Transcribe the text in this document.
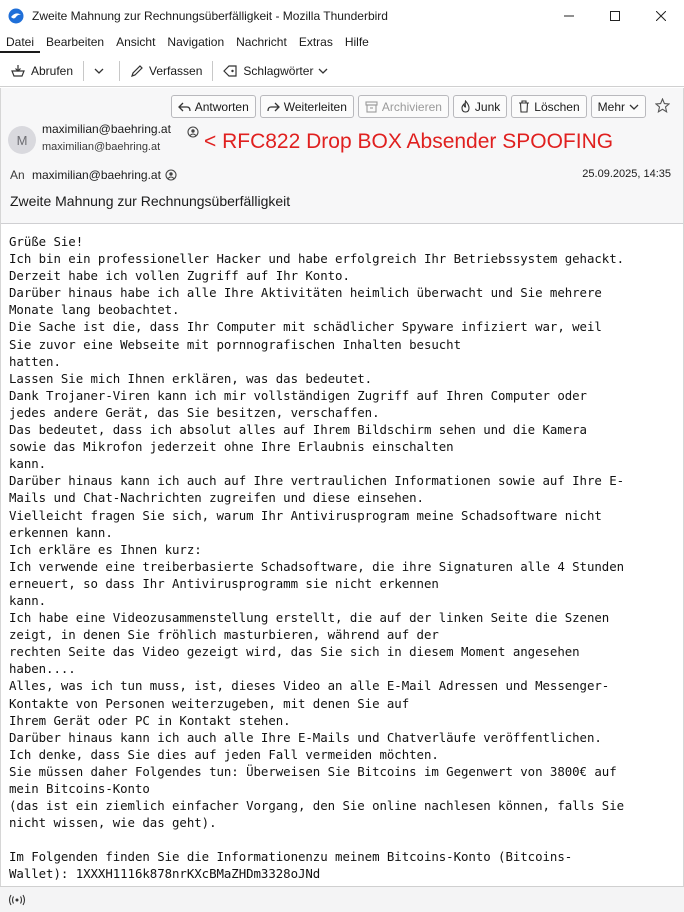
Zweite Mahnung zur Rechnungsüberfälligkeit - Mozilla Thunderbird
Datei	Bearbeiten	Ansicht	Navigation	Nachricht	Extras	Hilfe
Abrufen	Verfassen	Schlagwörter
Antworten	Weiterleiten	Archivieren	Junk	Löschen Mehr
M
maximilian@baehring.at
maximilian@baehring.at
An maximilian@baehring.at	25.09.2025, 14:35
Zweite Mahnung zur Rechnungsüberfälligkeit
< RFC822 Drop BOX Absender SPOOFING
Grüße Sie!
Ich bin ein professioneller Hacker und habe erfolgreich Ihr Betriebssystem gehackt.
Derzeit habe ich vollen Zugriff auf Ihr Konto.
Darüber hinaus habe ich alle Ihre Aktivitäten heimlich überwacht und Sie mehrere
Monate lang beobachtet.
Die Sache ist die, dass Ihr Computer mit schädlicher Spyware infiziert war, weil
Sie zuvor eine Webseite mit pornnografischen Inhalten besucht
hatten.
Lassen Sie mich Ihnen erklären, was das bedeutet.
Dank Trojaner-Viren kann ich mir vollständigen Zugriff auf Ihren Computer oder
jedes andere Gerät, das Sie besitzen, verschaffen.
Das bedeutet, dass ich absolut alles auf Ihrem Bildschirm sehen und die Kamera
sowie das Mikrofon jederzeit ohne Ihre Erlaubnis einschalten
kann.
Darüber hinaus kann ich auch auf Ihre vertraulichen Informationen sowie auf Ihre E-
Mails und Chat-Nachrichten zugreifen und diese einsehen.
Vielleicht fragen Sie sich, warum Ihr Antivirusprogram meine Schadsoftware nicht
erkennen kann.
Ich erkläre es Ihnen kurz:
Ich verwende eine treiberbasierte Schadsoftware, die ihre Signaturen alle 4 Stunden
erneuert, so dass Ihr Antivirusprogramm sie nicht erkennen
kann.
Ich habe eine Videozusammenstellung erstellt, die auf der linken Seite die Szenen
zeigt, in denen Sie fröhlich masturbieren, während auf der
rechten Seite das Video gezeigt wird, das Sie sich in diesem Moment angesehen
haben....
Alles, was ich tun muss, ist, dieses Video an alle E-Mail Adressen und Messenger-
Kontakte von Personen weiterzugeben, mit denen Sie auf
Ihrem Gerät oder PC in Kontakt stehen.
Darüber hinaus kann ich auch alle Ihre E-Mails und Chatverläufe veröffentlichen.
Ich denke, dass Sie dies auf jeden Fall vermeiden möchten.
Sie müssen daher Folgendes tun: Überweisen Sie Bitcoins im Gegenwert von 3800€ auf
mein Bitcoins-Konto
(das ist ein ziemlich einfacher Vorgang, den Sie online nachlesen können, falls Sie
nicht wissen, wie das geht).

Im Folgenden finden Sie die Informationenzu meinem Bitcoins-Konto (Bitcoins-
Wallet): 1XXXH1116k878nrKXcBMaZHDm3328oJNd
